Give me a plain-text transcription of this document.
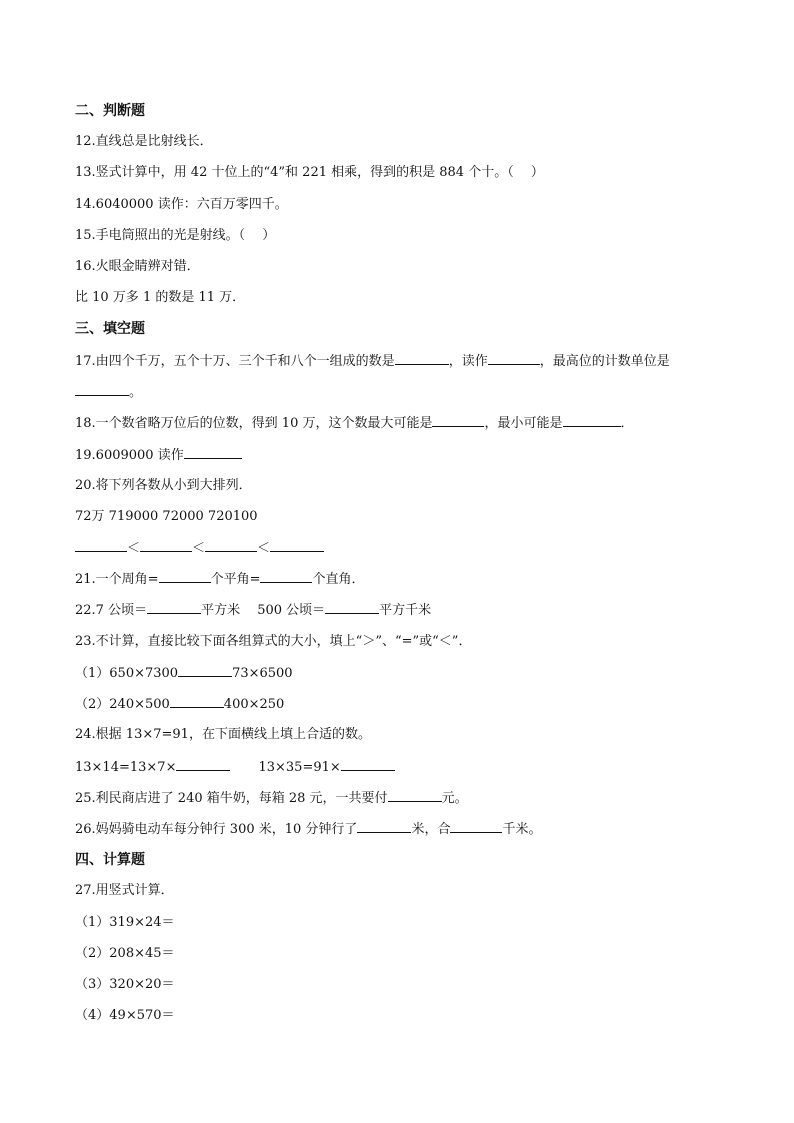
二、判断题
12.直线总是比射线长．
13.竖式计算中，用 42 十位上的“4”和 221 相乘，得到的积是 884 个十。（　 ）
14.6040000 读作：六百万零四千。
15.手电筒照出的光是射线。（　 ）
16.火眼金睛辨对错．
比 10 万多 1 的数是 11 万．
三、填空题
17.由四个千万，五个十万、三个千和八个一组成的数是	，读作	，最高位的计数单位是
。
18.一个数省略万位后的位数，得到 10 万，这个数最大可能是	，最小可能是	．
19.6009000 读作
20.将下列各数从小到大排列．
72万 719000 72000 720100
＜	＜	＜
21.一个周角=	个平角=	个直角．
22.7 公顷＝	平方米　 500 公顷＝	平方千米
23.不计算，直接比较下面各组算式的大小，填上“＞”、“=”或“＜”．
（1）650×7300	73×6500
（2）240×500	400×250
24.根据 13×7=91，在下面横线上填上合适的数。
13×14=13×7×	13×35=91×
25.利民商店进了 240 箱牛奶，每箱 28 元，一共要付	元。
26.妈妈骑电动车每分钟行 300 米，10 分钟行了	米，合	千米。
四、计算题
27.用竖式计算．
（1）319×24＝
（2）208×45＝
（3）320×20＝
（4）49×570＝
